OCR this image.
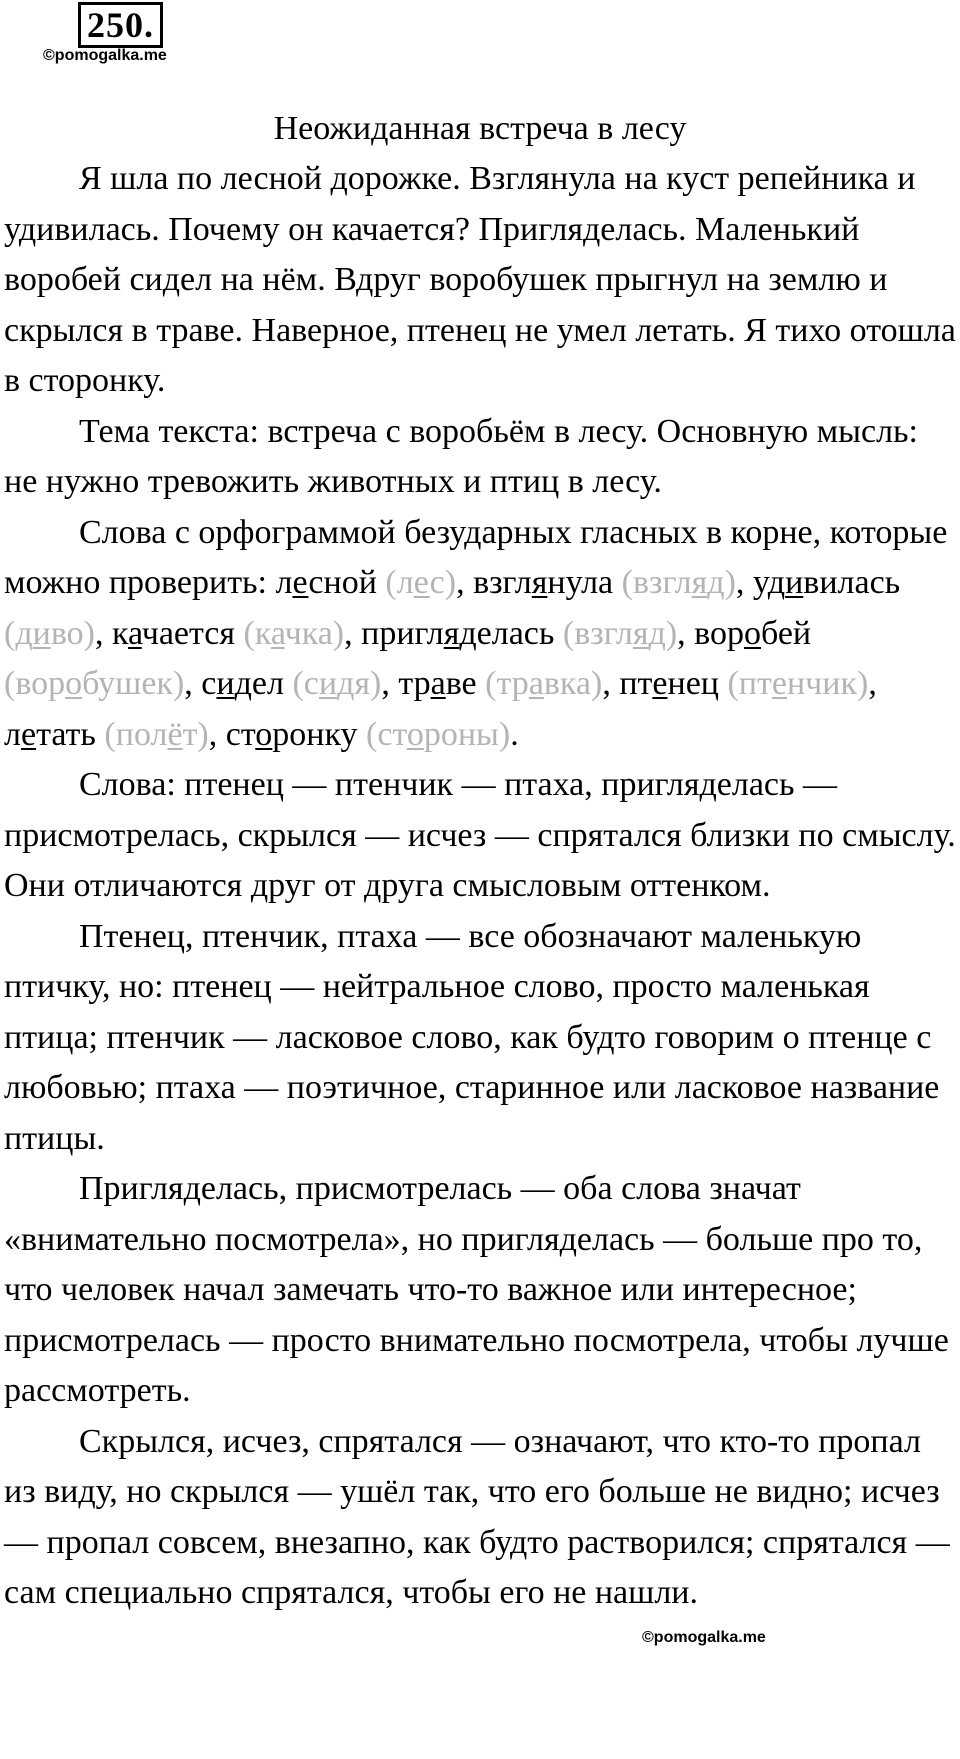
250.
©pomogalka.me
Неожиданная встреча в лесу

Я шла по лесной дорожке. Взглянула на куст репейника и удивилась. Почему он качается? Пригляделась. Маленький воробей сидел на нём. Вдруг воробушек прыгнул на землю и скрылся в траве. Наверное, птенец не умел летать. Я тихо отошла в сторонку.

Тема текста: встреча с воробьём в лесу. Основную мысль: не нужно тревожить животных и птиц в лесу.

Слова с орфограммой безударных гласных в корне, которые можно проверить: лесной (лес), взглянула (взгляд), удивилась (диво), качается (качка), пригляделась (взгляд), воробей (воробушек), сидел (сидя), траве (травка), птенец (птенчик), летать (полёт), сторонку (стороны).

Слова: птенец — птенчик — птаха, пригляделась — присмотрелась, скрылся — исчез — спрятался близки по смыслу. Они отличаются друг от друга смысловым оттенком.

Птенец, птенчик, птаха — все обозначают маленькую птичку, но: птенец — нейтральное слово, просто маленькая птица; птенчик — ласковое слово, как будто говорим о птенце с любовью; птаха — поэтичное, старинное или ласковое название птицы.

Пригляделась, присмотрелась — оба слова значат «внимательно посмотрела», но пригляделась — больше про то, что человек начал замечать что-то важное или интересное; присмотрелась — просто внимательно посмотрела, чтобы лучше рассмотреть.

Скрылся, исчез, спрятался — означают, что кто-то пропал из виду, но скрылся — ушёл так, что его больше не видно; исчез — пропал совсем, внезапно, как будто растворился; спрятался — сам специально спрятался, чтобы его не нашли.

©pomogalka.me
